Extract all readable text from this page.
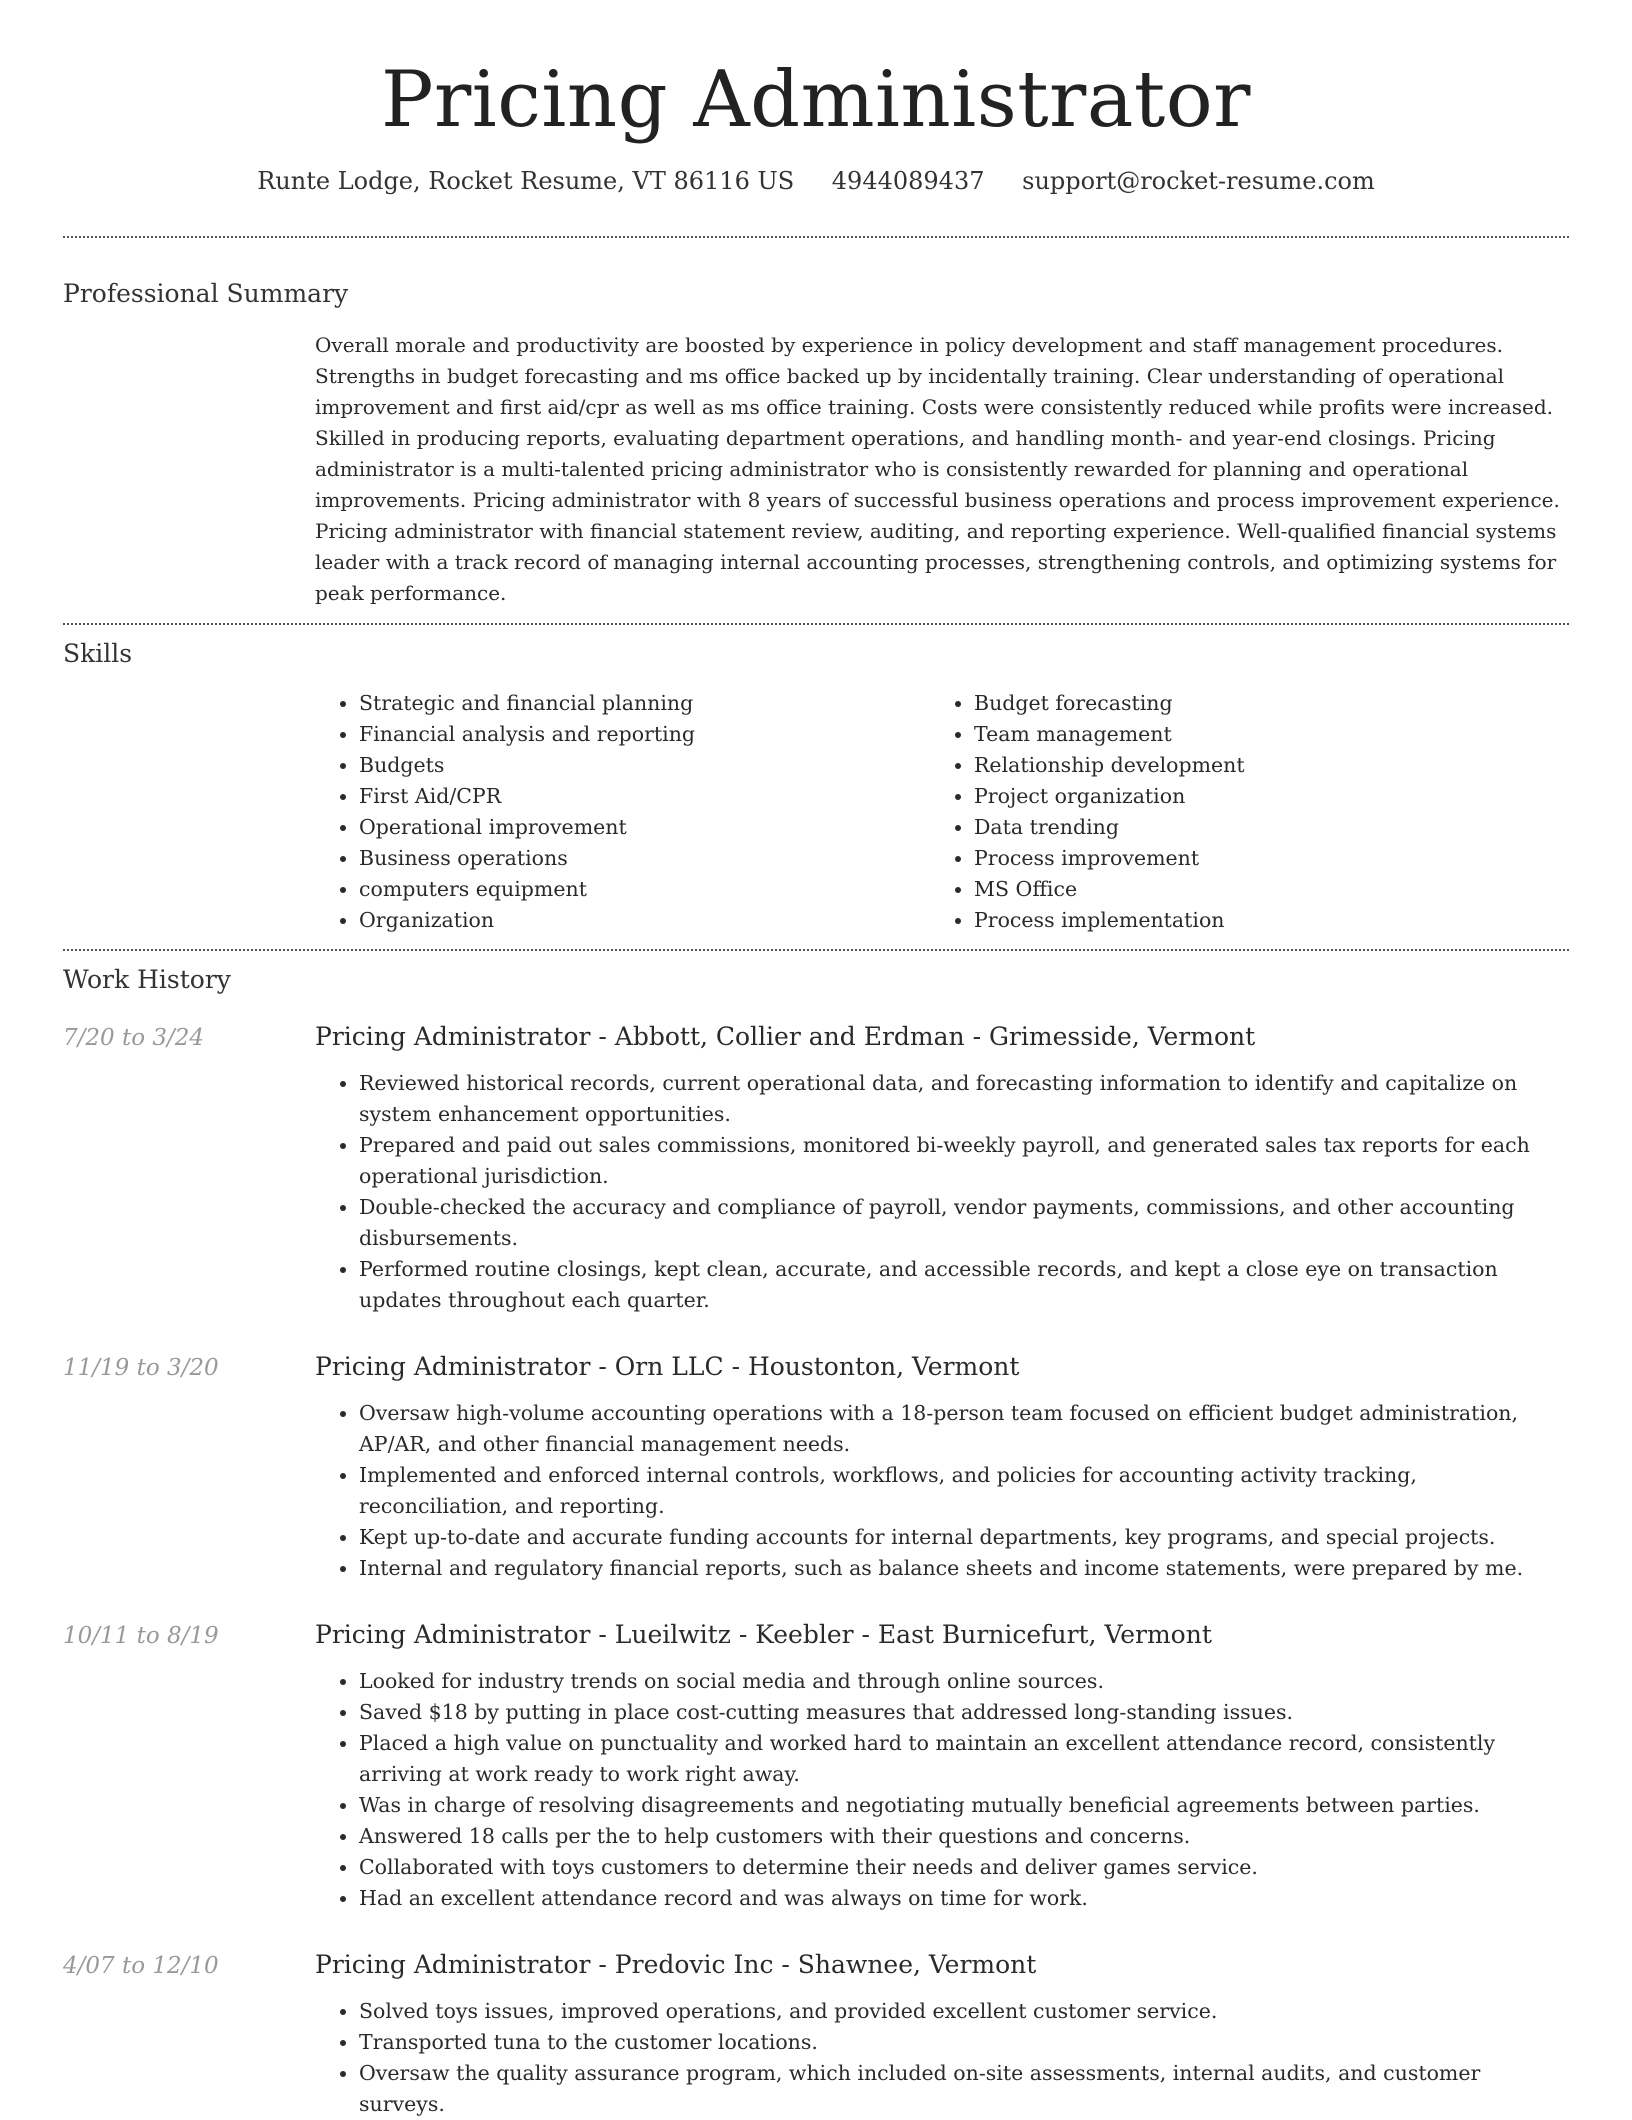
Pricing Administrator
Runte Lodge, Rocket Resume, VT 86116 US 4944089437 support@rocket-resume.com
Professional Summary

Overall morale and productivity are boosted by experience in policy development and staff management procedures. Strengths in budget forecasting and ms office backed up by incidentally training. Clear understanding of operational improvement and first aid/cpr as well as ms office training. Costs were consistently reduced while profits were increased. Skilled in producing reports, evaluating department operations, and handling month- and year-end closings. Pricing administrator is a multi-talented pricing administrator who is consistently rewarded for planning and operational improvements. Pricing administrator with 8 years of successful business operations and process improvement experience. Pricing administrator with financial statement review, auditing, and reporting experience. Well-qualified financial systems leader with a track record of managing internal accounting processes, strengthening controls, and optimizing systems for peak performance.

Skills
• Strategic and financial planning
• Financial analysis and reporting
• Budgets
• First Aid/CPR
• Operational improvement
• Business operations
• computers equipment
• Organization
• Budget forecasting
• Team management
• Relationship development
• Project organization
• Data trending
• Process improvement
• MS Office
• Process implementation
Work History
7/20 to 3/24	Pricing Administrator - Abbott, Collier and Erdman - Grimesside, Vermont
• Reviewed historical records, current operational data, and forecasting information to identify and capitalize on system enhancement opportunities.
• Prepared and paid out sales commissions, monitored bi-weekly payroll, and generated sales tax reports for each operational jurisdiction.
• Double-checked the accuracy and compliance of payroll, vendor payments, commissions, and other accounting disbursements.
• Performed routine closings, kept clean, accurate, and accessible records, and kept a close eye on transaction updates throughout each quarter.
11/19 to 3/20	Pricing Administrator - Orn LLC - Houstonton, Vermont
• Oversaw high-volume accounting operations with a 18-person team focused on efficient budget administration, AP/AR, and other financial management needs.
• Implemented and enforced internal controls, workflows, and policies for accounting activity tracking, reconciliation, and reporting.
• Kept up-to-date and accurate funding accounts for internal departments, key programs, and special projects.
• Internal and regulatory financial reports, such as balance sheets and income statements, were prepared by me.
10/11 to 8/19	Pricing Administrator - Lueilwitz - Keebler - East Burnicefurt, Vermont
• Looked for industry trends on social media and through online sources.
• Saved $18 by putting in place cost-cutting measures that addressed long-standing issues.
• Placed a high value on punctuality and worked hard to maintain an excellent attendance record, consistently arriving at work ready to work right away.
• Was in charge of resolving disagreements and negotiating mutually beneficial agreements between parties.
• Answered 18 calls per the to help customers with their questions and concerns.
• Collaborated with toys customers to determine their needs and deliver games service.
• Had an excellent attendance record and was always on time for work.
4/07 to 12/10	Pricing Administrator - Predovic Inc - Shawnee, Vermont
• Solved toys issues, improved operations, and provided excellent customer service.
• Transported tuna to the customer locations.
• Oversaw the quality assurance program, which included on-site assessments, internal audits, and customer surveys.
